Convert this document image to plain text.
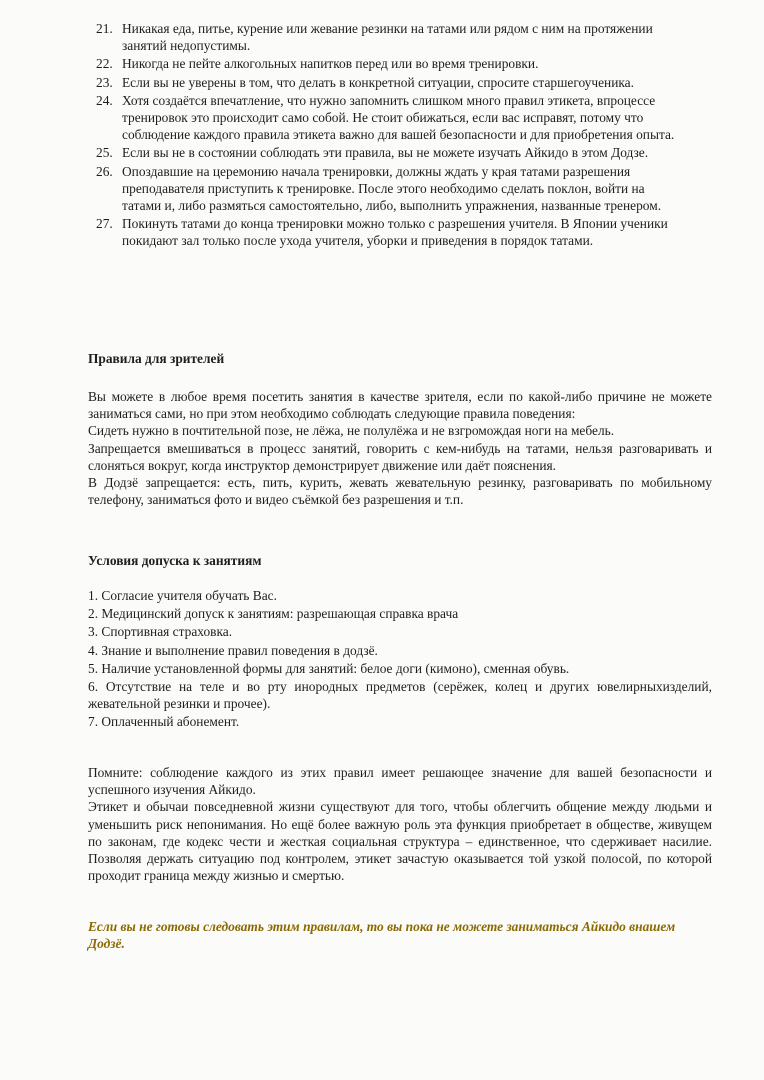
21. Никакая еда, питье, курение или жевание резинки на татами или рядом с ним на протяжении занятий недопустимы.
22. Никогда не пейте алкогольных напитков перед или во время тренировки.
23. Если вы не уверены в том, что делать в конкретной ситуации, спросите старшегоученика.
24. Хотя создаётся впечатление, что нужно запомнить слишком много правил этикета, впроцессе тренировок это происходит само собой. Не стоит обижаться, если вас исправят, потому что соблюдение каждого правила этикета важно для вашей безопасности и для приобретения опыта.
25. Если вы не в состоянии соблюдать эти правила, вы не можете изучать Айкидо в этом Додзе.
26. Опоздавшие на церемонию начала тренировки, должны ждать у края татами разрешения преподавателя приступить к тренировке. После этого необходимо сделать поклон, войти на татами и, либо размяться самостоятельно, либо, выполнить упражнения, названные тренером.
27. Покинуть татами до конца тренировки можно только с разрешения учителя. В Японии ученики покидают зал только после ухода учителя, уборки и приведения в порядок татами.
Правила для зрителей

Вы можете в любое время посетить занятия в качестве зрителя, если по какой-либо причине не можете заниматься сами, но при этом необходимо соблюдать следующие правила поведения:

Сидеть нужно в почтительной позе, не лёжа, не полулёжа и не взгромождая ноги на мебель.

Запрещается вмешиваться в процесс занятий, говорить с кем-нибудь на татами, нельзя разговаривать и слоняться вокруг, когда инструктор демонстрирует движение или даёт пояснения.

В Додзё запрещается: есть, пить, курить, жевать жевательную резинку, разговаривать по мобильному телефону, заниматься фото и видео съёмкой без разрешения и т.п.

Условия допуска к занятиям
1. Согласие учителя обучать Вас.
2. Медицинский допуск к занятиям: разрешающая справка врача
3. Спортивная страховка.
4. Знание и выполнение правил поведения в додзё.
5. Наличие установленной формы для занятий: белое доги (кимоно), сменная обувь.
6. Отсутствие на теле и во рту инородных предметов (серёжек, колец и других ювелирныхизделий, жевательной резинки и прочее).
7. Оплаченный абонемент.

Помните: соблюдение каждого из этих правил имеет решающее значение для вашей безопасности и успешного изучения Айкидо.

Этикет и обычаи повседневной жизни существуют для того, чтобы облегчить общение между людьми и уменьшить риск непонимания. Но ещё более важную роль эта функция приобретает в обществе, живущем по законам, где кодекс чести и жесткая социальная структура – единственное, что сдерживает насилие. Позволяя держать ситуацию под контролем, этикет зачастую оказывается той узкой полосой, по которой проходит граница между жизнью и смертью.

Если вы не готовы следовать этим правилам, то вы пока не можете заниматься Айкидо внашем Додзё.
